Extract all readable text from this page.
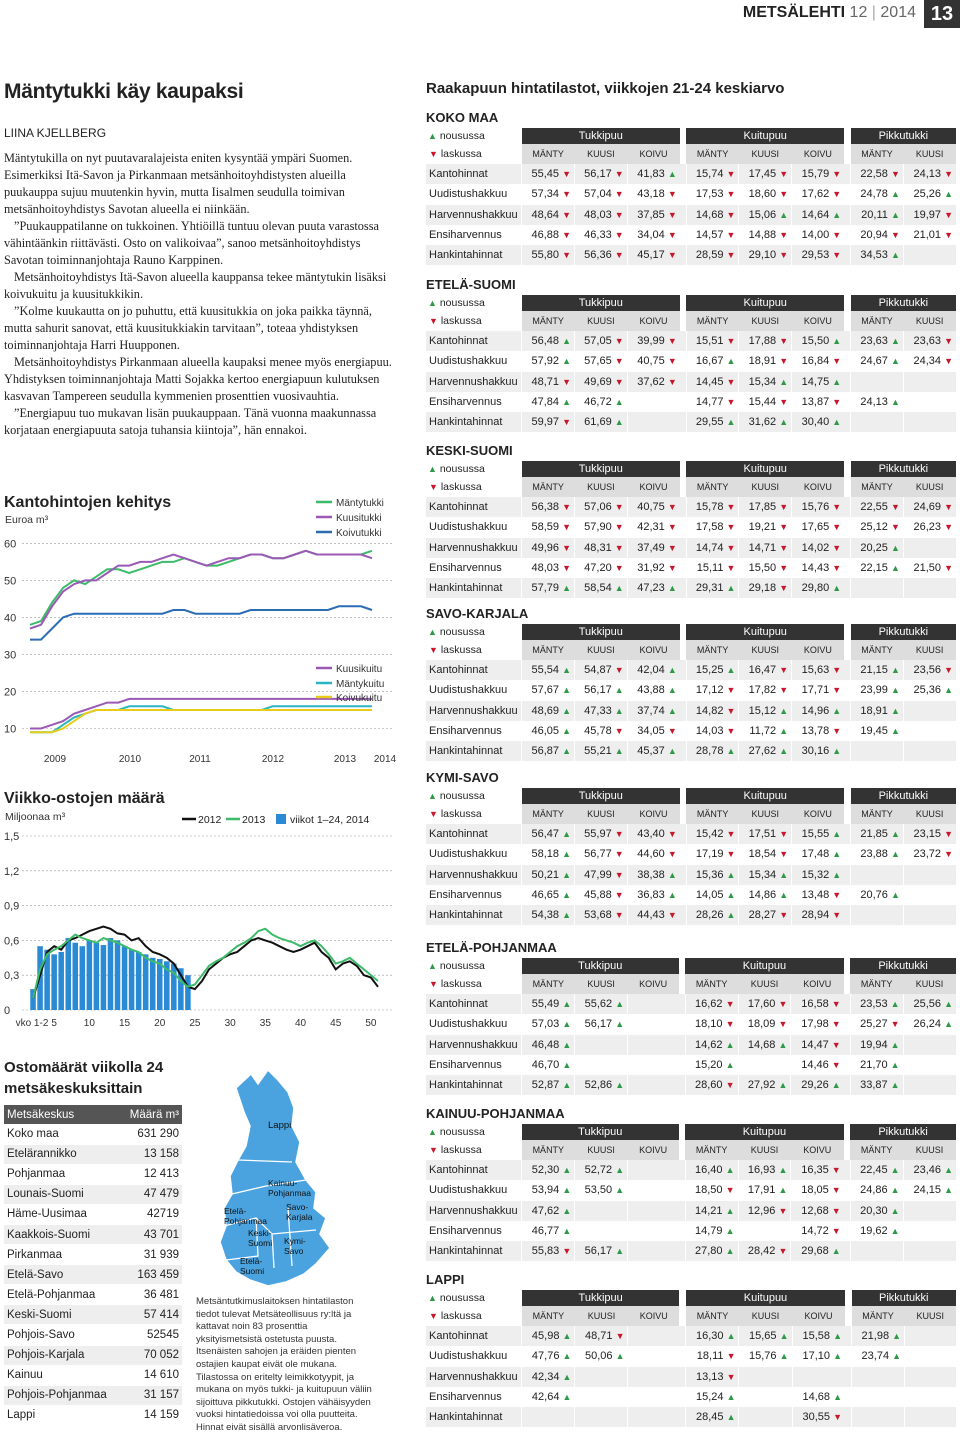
METSÄLEHTI 12 | 2014 13
Mäntytukki käy kaupaksi
LIINA KJELLBERG

Mäntytukilla on nyt puutavaralajeista eniten kysyntää ympäri Suomen. Esimerkiksi Itä-Savon ja Pirkanmaan metsänhoitoyhdistysten alueilla puukauppa sujuu muutenkin hyvin, mutta Iisalmen seudulla toimivan metsänhoitoyhdistys Savotan alueella ei niinkään.

”Puukauppatilanne on tukkoinen. Yhtiöillä tuntuu olevan puuta varastossa vähintäänkin riittävästi. Osto on valikoivaa”, sanoo metsänhoitoyhdistys Savotan toiminnanjohtaja Rauno Karppinen.

Metsänhoitoyhdistys Itä-Savon alueella kauppansa tekee mäntytukin lisäksi koivukuitu ja kuusitukkikin.

”Kolme kuukautta on jo puhuttu, että kuusitukkia on joka paikka täynnä, mutta sahurit sanovat, että kuusitukkiakin tarvitaan”, toteaa yhdistyksen toiminnanjohtaja Harri Huupponen.

Metsänhoitoyhdistys Pirkanmaan alueella kaupaksi menee myös energiapuu. Yhdistyksen toiminnanjohtaja Matti Sojakka kertoo energiapuun kulutuksen kasvavan Tampereen seudulla kymmenien prosenttien vuosivauhtia.

”Energiapuu tuo mukavan lisän puukauppaan. Tänä vuonna maakunnassa korjataan energiapuuta satoja tuhansia kiintoja”, hän ennakoi.

Kantohintojen kehitys
Euroa m³
10
20
30
40
50
60
2009	2010	2011	2012	2013 2014
Mäntytukki
Kuusitukki
Koivutukki
Kuusikuitu
Mäntykuitu
Koivukuitu
Viikko-ostojen määrä
Miljoonaa m³
0
0,3
0,6
0,9
1,2
1,5
vko 1-2 5	10 15 20 25 30 35 40 45 50
2012 2013 viikot 1–24, 2014
Ostomäärät viikolla 24
metsäkeskuksittain
Metsäkeskus	Määrä m³
Koko maa	631 290
Etelärannikko	13 158
Pohjanmaa	12 413
Lounais-Suomi	47 479
Häme-Uusimaa	42719
Kaakkois-Suomi	43 701
Pirkanmaa	31 939
Etelä-Savo	163 459
Etelä-Pohjanmaa	36 481
Keski-Suomi	57 414
Pohjois-Savo	52545
Pohjois-Karjala	70 052
Kainuu	14 610
Pohjois-Pohjanmaa	31 157
Lappi	14 159
Lappi
Kainuu-Pohjanmaa
Etelä-Pohjanmaa
Savo-Karjala
Keski-Suomi Kymi-Savo
Etelä-Suomi
Metsäntutkimuslaitoksen hintatilaston tiedot tulevat Metsäteollisuus ry:ltä ja kattavat noin 83 prosenttia yksityismetsistä ostetusta puusta. Itsenäisten sahojen ja eräiden pienten ostajien kaupat eivät ole mukana. Tilastossa on eritelty leimikkotyypit, ja mukana on myös tukki- ja kuitupuun väliin sijoittuva pikkutukki. Ostojen vähäisyyden vuoksi hintatiedoissa voi olla puutteita. Hinnat eivät sisällä arvonlisäveroa.
Raakapuun hintatilastot, viikkojen 21-24 keskiarvo
KOKO MAA
▲ nousussa	Tukkipuu				Kuitupuu				Pikkutukki	
▼ laskussa	MÄNTY	KUUSI	KOIVU		MÄNTY	KUUSI	KOIVU		MÄNTY	KUUSI
Kantohinnat	55,45 ▼	56,17 ▼	41,83 ▲		15,74 ▼	17,45 ▼	15,79 ▼		22,58 ▼	24,13 ▼
Uudistushakkuu	57,34 ▼	57,04 ▼	43,18 ▼		17,53 ▼	18,60 ▼	17,62 ▼		24,78 ▲	25,26 ▲
Harvennushakkuu	48,64 ▼	48,03 ▼	37,85 ▼		14,68 ▼	15,06 ▲	14,64 ▲		20,11 ▲	19,97 ▼
Ensiharvennus	46,88 ▼	46,33 ▼	34,04 ▼		14,57 ▼	14,88 ▼	14,00 ▼		20,94 ▼	21,01 ▼
Hankintahinnat	55,80 ▼	56,36 ▼	45,17 ▼		28,59 ▼	29,10 ▼	29,53 ▼		34,53 ▲	
ETELÄ-SUOMI
▲ nousussa	Tukkipuu				Kuitupuu				Pikkutukki	
▼ laskussa	MÄNTY	KUUSI	KOIVU		MÄNTY	KUUSI	KOIVU		MÄNTY	KUUSI
Kantohinnat	56,48 ▲	57,05 ▼	39,99 ▼		15,51 ▼	17,88 ▼	15,50 ▲		23,63 ▲	23,63 ▼
Uudistushakkuu	57,92 ▲	57,65 ▼	40,75 ▼		16,67 ▲	18,91 ▼	16,84 ▼		24,67 ▲	24,34 ▼
Harvennushakkuu	48,71 ▼	49,69 ▼	37,62 ▼		14,45 ▼	15,34 ▲	14,75 ▲			
Ensiharvennus	47,84 ▲	46,72 ▲			14,77 ▼	15,44 ▼	13,87 ▼		24,13 ▲	
Hankintahinnat	59,97 ▼	61,69 ▲			29,55 ▲	31,62 ▲	30,40 ▲			
KESKI-SUOMI
▲ nousussa	Tukkipuu				Kuitupuu				Pikkutukki	
▼ laskussa	MÄNTY	KUUSI	KOIVU		MÄNTY	KUUSI	KOIVU		MÄNTY	KUUSI
Kantohinnat	56,38 ▼	57,06 ▼	40,75 ▼		15,78 ▼	17,85 ▼	15,76 ▼		22,55 ▼	24,69 ▼
Uudistushakkuu	58,59 ▼	57,90 ▼	42,31 ▼		17,58 ▼	19,21 ▼	17,65 ▼		25,12 ▼	26,23 ▼
Harvennushakkuu	49,96 ▼	48,31 ▼	37,49 ▼		14,74 ▼	14,71 ▼	14,02 ▼		20,25 ▲	
Ensiharvennus	48,03 ▼	47,20 ▼	31,92 ▼		15,11 ▼	15,50 ▼	14,43 ▼		22,15 ▲	21,50 ▼
Hankintahinnat	57,79 ▲	58,54 ▲	47,23 ▲		29,31 ▲	29,18 ▼	29,80 ▲			
SAVO-KARJALA
▲ nousussa	Tukkipuu				Kuitupuu				Pikkutukki	
▼ laskussa	MÄNTY	KUUSI	KOIVU		MÄNTY	KUUSI	KOIVU		MÄNTY	KUUSI
Kantohinnat	55,54 ▲	54,87 ▼	42,04 ▲		15,25 ▲	16,47 ▼	15,63 ▼		21,15 ▲	23,56 ▼
Uudistushakkuu	57,67 ▲	56,17 ▲	43,88 ▲		17,12 ▼	17,82 ▼	17,71 ▼		23,99 ▲	25,36 ▲
Harvennushakkuu	48,69 ▲	47,33 ▲	37,74 ▲		14,82 ▼	15,12 ▲	14,96 ▲		18,91 ▲	
Ensiharvennus	46,05 ▲	45,78 ▼	34,05 ▼		14,03 ▼	11,72 ▲	13,78 ▼		19,45 ▲	
Hankintahinnat	56,87 ▲	55,21 ▲	45,37 ▲		28,78 ▲	27,62 ▲	30,16 ▲			
KYMI-SAVO
▲ nousussa	Tukkipuu				Kuitupuu				Pikkutukki	
▼ laskussa	MÄNTY	KUUSI	KOIVU		MÄNTY	KUUSI	KOIVU		MÄNTY	KUUSI
Kantohinnat	56,47 ▲	55,97 ▼	43,40 ▼		15,42 ▼	17,51 ▼	15,55 ▲		21,85 ▲	23,15 ▼
Uudistushakkuu	58,18 ▲	56,77 ▼	44,60 ▼		17,19 ▼	18,54 ▼	17,48 ▲		23,88 ▲	23,72 ▼
Harvennushakkuu	50,21 ▲	47,99 ▼	38,38 ▲		15,36 ▲	15,34 ▲	15,32 ▲			
Ensiharvennus	46,65 ▲	45,88 ▼	36,83 ▲		14,05 ▲	14,86 ▲	13,48 ▼		20,76 ▲	
Hankintahinnat	54,38 ▲	53,68 ▼	44,43 ▼		28,26 ▲	28,27 ▼	28,94 ▼			
ETELÄ-POHJANMAA
▲ nousussa	Tukkipuu				Kuitupuu				Pikkutukki	
▼ laskussa	MÄNTY	KUUSI	KOIVU		MÄNTY	KUUSI	KOIVU		MÄNTY	KUUSI
Kantohinnat	55,49 ▲	55,62 ▲			16,62 ▼	17,60 ▼	16,58 ▼		23,53 ▲	25,56 ▲
Uudistushakkuu	57,03 ▲	56,17 ▲			18,10 ▼	18,09 ▼	17,98 ▼		25,27 ▼	26,24 ▲
Harvennushakkuu	46,48 ▲				14,62 ▲	14,68 ▲	14,47 ▼		19,94 ▲	
Ensiharvennus	46,70 ▲				15,20 ▲		14,46 ▼		21,70 ▲	
Hankintahinnat	52,87 ▲	52,86 ▲			28,60 ▼	27,92 ▲	29,26 ▲		33,87 ▲	
KAINUU-POHJANMAA
▲ nousussa	Tukkipuu				Kuitupuu				Pikkutukki	
▼ laskussa	MÄNTY	KUUSI	KOIVU		MÄNTY	KUUSI	KOIVU		MÄNTY	KUUSI
Kantohinnat	52,30 ▲	52,72 ▲			16,40 ▲	16,93 ▲	16,35 ▼		22,45 ▲	23,46 ▲
Uudistushakkuu	53,94 ▲	53,50 ▲			18,50 ▼	17,91 ▲	18,05 ▼		24,86 ▲	24,15 ▲
Harvennushakkuu	47,62 ▲				14,21 ▲	12,96 ▼	12,68 ▼		20,30 ▲	
Ensiharvennus	46,77 ▲				14,79 ▲		14,72 ▼		19,62 ▲	
Hankintahinnat	55,83 ▼	56,17 ▲			27,80 ▲	28,42 ▼	29,68 ▲			
LAPPI
▲ nousussa	Tukkipuu				Kuitupuu				Pikkutukki	
▼ laskussa	MÄNTY	KUUSI	KOIVU		MÄNTY	KUUSI	KOIVU		MÄNTY	KUUSI
Kantohinnat	45,98 ▲	48,71 ▼			16,30 ▲	15,65 ▲	15,58 ▲		21,98 ▲	
Uudistushakkuu	47,76 ▲	50,06 ▲			18,11 ▼	15,76 ▲	17,10 ▲		23,74 ▲	
Harvennushakkuu	42,34 ▲				13,13 ▼					
Ensiharvennus	42,64 ▲				15,24 ▲		14,68 ▲			
Hankintahinnat					28,45 ▲		30,55 ▼			
